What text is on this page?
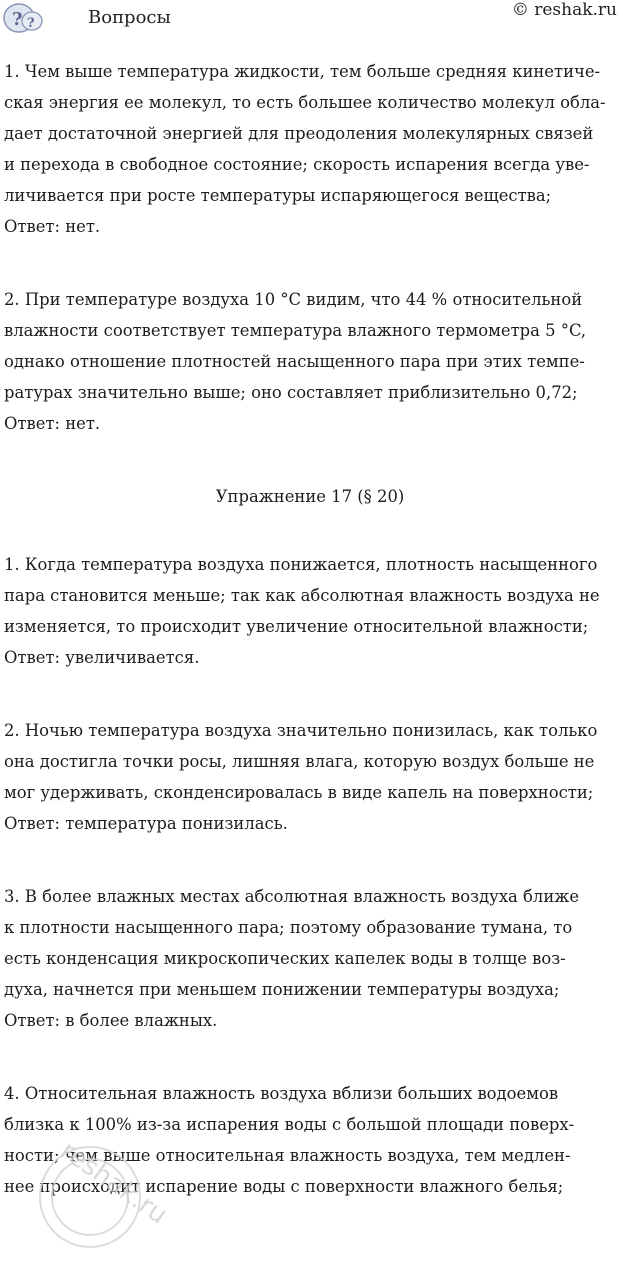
? ?	Вопросы	© reshak.ru
1. Чем выше температура жидкости, тем больше средняя кинетиче-
ская энергия ее молекул, то есть большее количество молекул обла-
дает достаточной энергией для преодоления молекулярных связей
и перехода в свободное состояние; скорость испарения всегда уве-
личивается при росте температуры испаряющегося вещества;
Ответ: нет.
2. При температуре воздуха 10 °C видим, что 44 % относительной
влажности соответствует температура влажного термометра 5 °C,
однако отношение плотностей насыщенного пара при этих темпе-
ратурах значительно выше; оно составляет приблизительно 0,72;
Ответ: нет.

Упражнение 17 (§ 20)

1. Когда температура воздуха понижается, плотность насыщенного
пара становится меньше; так как абсолютная влажность воздуха не
изменяется, то происходит увеличение относительной влажности;
Ответ: увеличивается.
2. Ночью температура воздуха значительно понизилась, как только
она достигла точки росы, лишняя влага, которую воздух больше не
мог удерживать, сконденсировалась в виде капель на поверхности;
Ответ: температура понизилась.
3. В более влажных местах абсолютная влажность воздуха ближе
к плотности насыщенного пара; поэтому образование тумана, то
есть конденсация микроскопических капелек воды в толще воз-
духа, начнется при меньшем понижении температуры воздуха;
Ответ: в более влажных.
4. Относительная влажность воздуха вблизи больших водоемов
близка к 100% из-за испарения воды с большой площади поверх-
ности; чем выше относительная влажность воздуха, тем медлен-
нее происходит испарение воды с поверхности влажного белья;
reshak.ru
